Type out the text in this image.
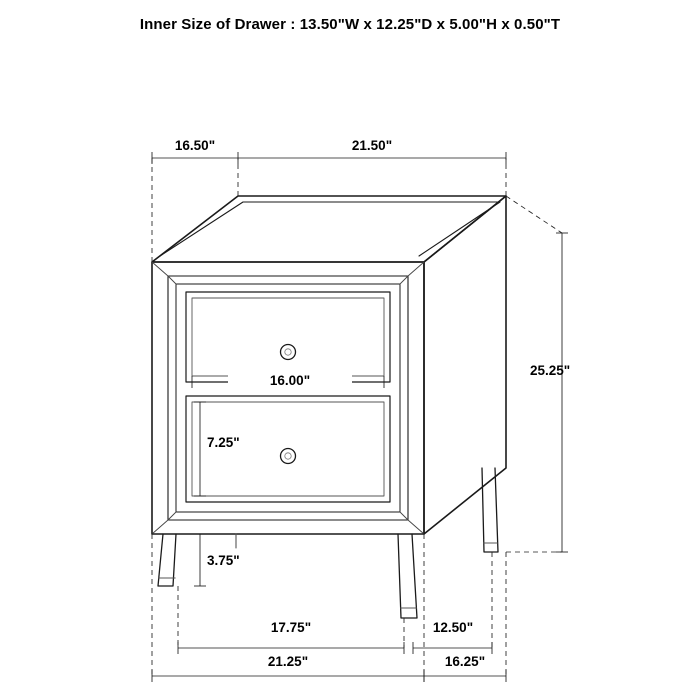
Inner Size of Drawer : 13.50"W x 12.25"D x 5.00"H x 0.50"T
16.50"	21.50"
25.25"
16.00"
7.25"
3.75"
17.75"	12.50"
21.25"	16.25"
